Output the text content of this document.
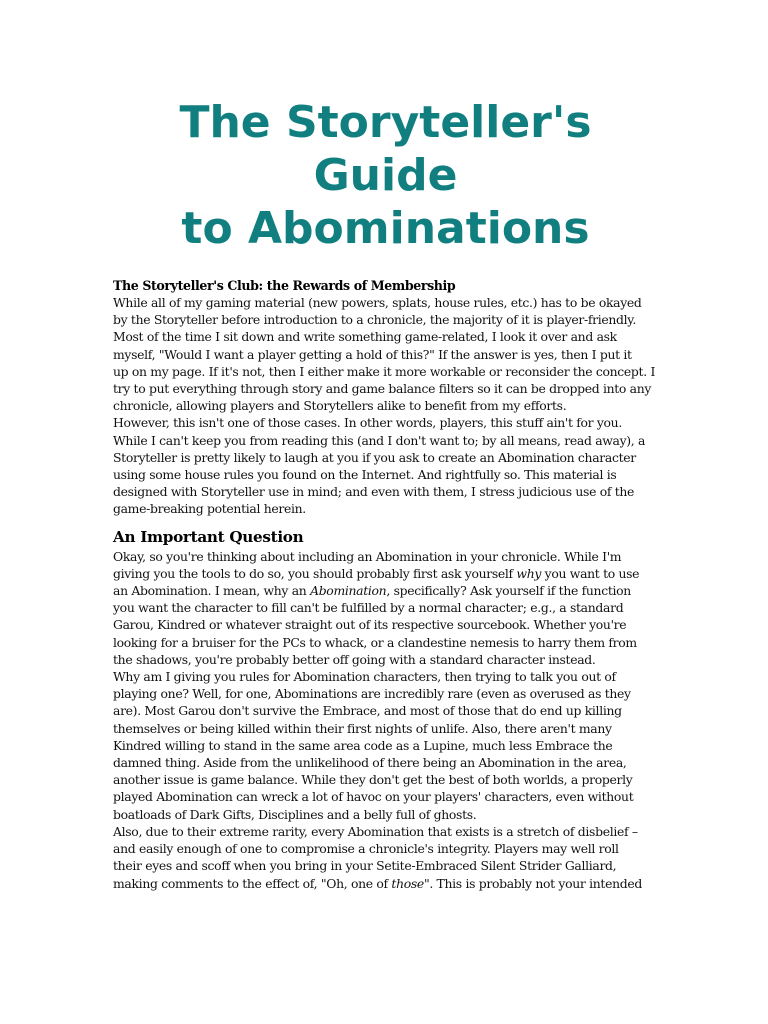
The Storyteller's
Guide
to Abominations
The Storyteller's Club: the Rewards of Membership
While all of my gaming material (new powers, splats, house rules, etc.) has to be okayed
by the Storyteller before introduction to a chronicle, the majority of it is player-friendly.
Most of the time I sit down and write something game-related, I look it over and ask
myself, "Would I want a player getting a hold of this?" If the answer is yes, then I put it
up on my page. If it's not, then I either make it more workable or reconsider the concept. I
try to put everything through story and game balance filters so it can be dropped into any
chronicle, allowing players and Storytellers alike to benefit from my efforts.
However, this isn't one of those cases. In other words, players, this stuff ain't for you.
While I can't keep you from reading this (and I don't want to; by all means, read away), a
Storyteller is pretty likely to laugh at you if you ask to create an Abomination character
using some house rules you found on the Internet. And rightfully so. This material is
designed with Storyteller use in mind; and even with them, I stress judicious use of the
game-breaking potential herein.
An Important Question
Okay, so you're thinking about including an Abomination in your chronicle. While I'm
giving you the tools to do so, you should probably first ask yourself why you want to use
an Abomination. I mean, why an Abomination, specifically? Ask yourself if the function
you want the character to fill can't be fulfilled by a normal character; e.g., a standard
Garou, Kindred or whatever straight out of its respective sourcebook. Whether you're
looking for a bruiser for the PCs to whack, or a clandestine nemesis to harry them from
the shadows, you're probably better off going with a standard character instead.
Why am I giving you rules for Abomination characters, then trying to talk you out of
playing one? Well, for one, Abominations are incredibly rare (even as overused as they
are). Most Garou don't survive the Embrace, and most of those that do end up killing
themselves or being killed within their first nights of unlife. Also, there aren't many
Kindred willing to stand in the same area code as a Lupine, much less Embrace the
damned thing. Aside from the unlikelihood of there being an Abomination in the area,
another issue is game balance. While they don't get the best of both worlds, a properly
played Abomination can wreck a lot of havoc on your players' characters, even without
boatloads of Dark Gifts, Disciplines and a belly full of ghosts.
Also, due to their extreme rarity, every Abomination that exists is a stretch of disbelief –
and easily enough of one to compromise a chronicle's integrity. Players may well roll
their eyes and scoff when you bring in your Setite-Embraced Silent Strider Galliard,
making comments to the effect of, "Oh, one of those". This is probably not your intended
